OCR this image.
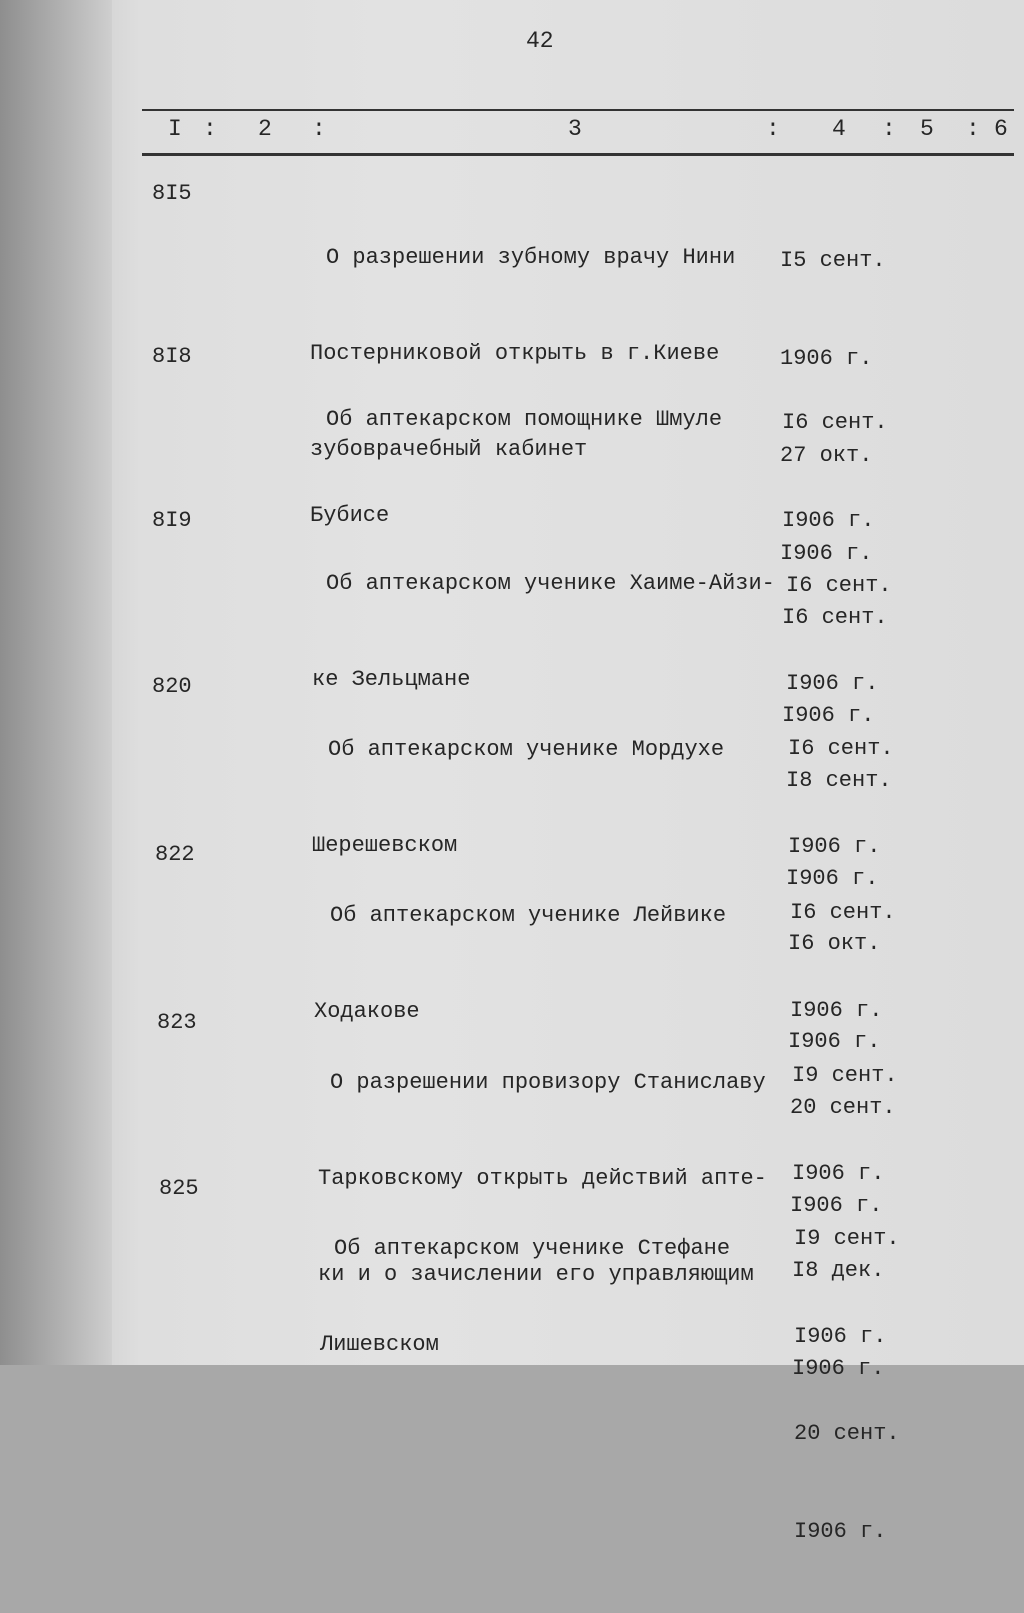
42
I : 2 :	3	: 4 : 5 : 6
8I5

О разрешении зубному врачу Нини

Постерниковой открыть в г.Киеве

зубоврачебный кабинет

I5 сент.

1906 г.

27 окт.

I906 г.

8I8

Об аптекарском помощнике Шмуле

Бубисе

I6 сент.

I906 г.

I6 сент.

I906 г.

8I9

Об аптекарском ученике Хаиме-Айзи-

ке Зельцмане

I6 сент.

I906 г.

I8 сент.

I906 г.

820

Об аптекарском ученике Мордухе

Шерешевском

I6 сент.

I906 г.

I6 окт.

I906 г.

822

Об аптекарском ученике Лейвике

Ходакове

I6 сент.

I906 г.

20 сент.

I906 г.

823

О разрешении провизору Станиславу

Тарковскому открыть действий апте-

ки и о зачислении его управляющим

I9 сент.

I906 г.

I8 дек.

I906 г.

825

Об аптекарском ученике Стефане

Лишевском

I9 сент.

I906 г.

20 сент.

I906 г.
